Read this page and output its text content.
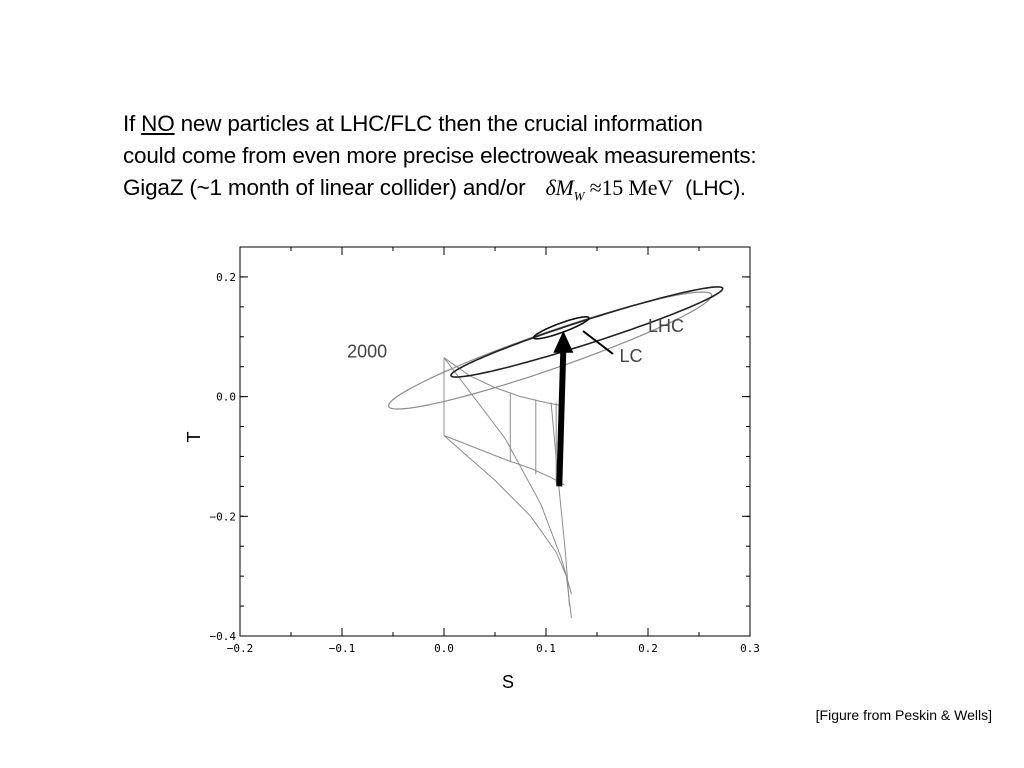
If NO new particles at LHC/FLC then the crucial information
could come from even more precise electroweak measurements:
GigaZ (~1 month of linear collider) and/or $\delta M_W \approx 15$ MeV (LHC).
−0.2	−0.1	0.0	0.1	0.2	0.3
−0.4
−0.2
0.0
0.2
2000
LHC
LC
S
T
[Figure from Peskin & Wells]
